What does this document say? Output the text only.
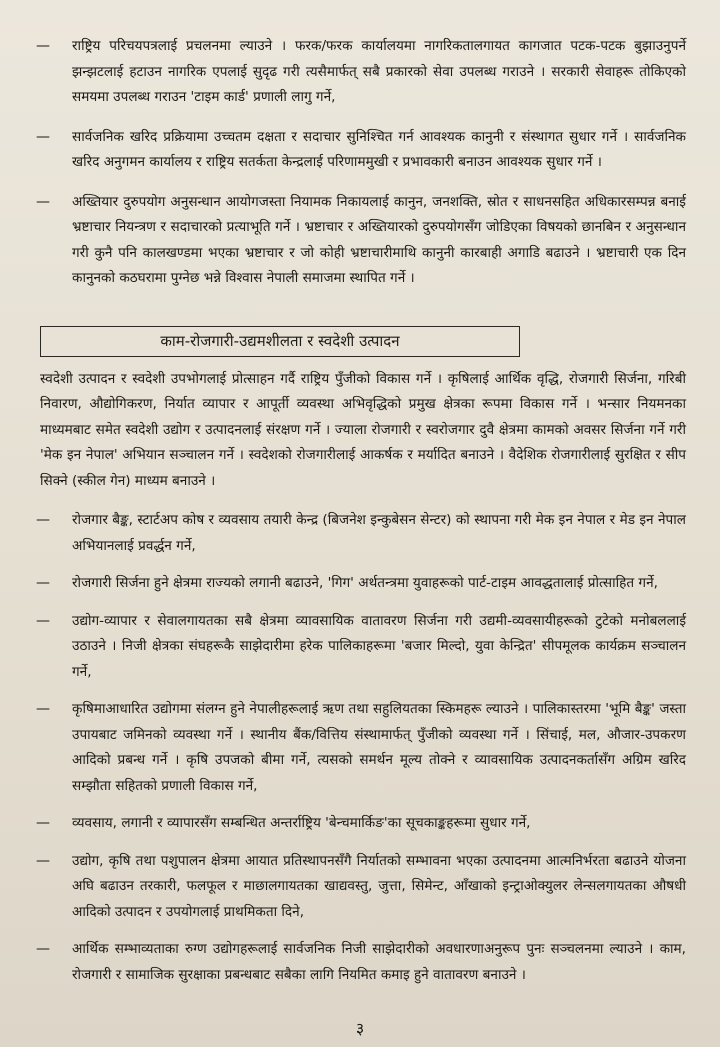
—	राष्ट्रिय परिचयपत्रलाई प्रचलनमा ल्याउने । फरक/फरक कार्यालयमा नागरिकतालगायत कागजात पटक-पटक बुझाउनुपर्ने झन्झटलाई हटाउन नागरिक एपलाई सुदृढ गरी त्यसैमार्फत् सबै प्रकारको सेवा उपलब्ध गराउने । सरकारी सेवाहरू तोकिएको समयमा उपलब्ध गराउन 'टाइम कार्ड' प्रणाली लागु गर्ने,
—	सार्वजनिक खरिद प्रक्रियामा उच्चतम दक्षता र सदाचार सुनिश्चित गर्न आवश्यक कानुनी र संस्थागत सुधार गर्ने । सार्वजनिक खरिद अनुगमन कार्यालय र राष्ट्रिय सतर्कता केन्द्रलाई परिणाममुखी र प्रभावकारी बनाउन आवश्यक सुधार गर्ने ।
—	अख्तियार दुरुपयोग अनुसन्धान आयोगजस्ता नियामक निकायलाई कानुन, जनशक्ति, स्रोत र साधनसहित अधिकारसम्पन्न बनाई भ्रष्टाचार नियन्त्रण र सदाचारको प्रत्याभूति गर्ने । भ्रष्टाचार र अख्तियारको दुरुपयोगसँग जोडिएका विषयको छानबिन र अनुसन्धान गरी कुनै पनि कालखण्डमा भएका भ्रष्टाचार र जो कोही भ्रष्टाचारीमाथि कानुनी कारबाही अगाडि बढाउने । भ्रष्टाचारी एक दिन कानुनको कठघरामा पुग्नेछ भन्ने विश्वास नेपाली समाजमा स्थापित गर्ने ।
काम-रोजगारी-उद्यमशीलता र स्वदेशी उत्पादन
स्वदेशी उत्पादन र स्वदेशी उपभोगलाई प्रोत्साहन गर्दै राष्ट्रिय पुँजीको विकास गर्ने । कृषिलाई आर्थिक वृद्धि, रोजगारी सिर्जना, गरिबी निवारण, औद्योगिकरण, निर्यात व्यापार र आपूर्ती व्यवस्था अभिवृद्धिको प्रमुख क्षेत्रका रूपमा विकास गर्ने । भन्सार नियमनका माध्यमबाट समेत स्वदेशी उद्योग र उत्पादनलाई संरक्षण गर्ने । ज्याला रोजगारी र स्वरोजगार दुवै क्षेत्रमा कामको अवसर सिर्जना गर्ने गरी 'मेक इन नेपाल' अभियान सञ्चालन गर्ने । स्वदेशको रोजगारीलाई आकर्षक र मर्यादित बनाउने । वैदेशिक रोजगारीलाई सुरक्षित र सीप सिक्ने (स्कील गेन) माध्यम बनाउने ।
—	रोजगार बैङ्क, स्टार्टअप कोष र व्यवसाय तयारी केन्द्र (बिजनेश इन्कुबेसन सेन्टर) को स्थापना गरी मेक इन नेपाल र मेड इन नेपाल अभियानलाई प्रवर्द्धन गर्ने,
—	रोजगारी सिर्जना हुने क्षेत्रमा राज्यको लगानी बढाउने, 'गिग' अर्थतन्त्रमा युवाहरूको पार्ट-टाइम आवद्धतालाई प्रोत्साहित गर्ने,
—	उद्योग-व्यापार र सेवालगायतका सबै क्षेत्रमा व्यावसायिक वातावरण सिर्जना गरी उद्यमी-व्यवसायीहरूको टुटेको मनोबललाई उठाउने । निजी क्षेत्रका संघहरूकै साझेदारीमा हरेक पालिकाहरूमा 'बजार मिल्दो, युवा केन्द्रित' सीपमूलक कार्यक्रम सञ्चालन गर्ने,
—	कृषिमाआधारित उद्योगमा संलग्न हुने नेपालीहरूलाई ऋण तथा सहुलियतका स्किमहरू ल्याउने । पालिकास्तरमा 'भूमि बैङ्क' जस्ता उपायबाट जमिनको व्यवस्था गर्ने । स्थानीय बैंक/वित्तिय संस्थामार्फत् पुँजीको व्यवस्था गर्ने । सिंचाई, मल, औजार-उपकरण आदिको प्रबन्ध गर्ने । कृषि उपजको बीमा गर्ने, त्यसको समर्थन मूल्य तोक्ने र व्यावसायिक उत्पादनकर्तासँग अग्रिम खरिद सम्झौता सहितको प्रणाली विकास गर्ने,
—	व्यवसाय, लगानी र व्यापारसँग सम्बन्धित अन्तर्राष्ट्रिय 'बेन्चमार्किङ'का सूचकाङ्कहरूमा सुधार गर्ने,
—	उद्योग, कृषि तथा पशुपालन क्षेत्रमा आयात प्रतिस्थापनसँगै निर्यातको सम्भावना भएका उत्पादनमा आत्मनिर्भरता बढाउने योजना अघि बढाउन तरकारी, फलफूल र माछालगायतका खाद्यवस्तु, जुत्ता, सिमेन्ट, आँखाको इन्ट्राओक्युलर लेन्सलगायतका औषधी आदिको उत्पादन र उपयोगलाई प्राथमिकता दिने,
—	आर्थिक सम्भाव्यताका रुग्ण उद्योगहरूलाई सार्वजनिक निजी साझेदारीको अवधारणाअनुरूप पुनः सञ्चलनमा ल्याउने । काम, रोजगारी र सामाजिक सुरक्षाका प्रबन्धबाट सबैका लागि नियमित कमाइ हुने वातावरण बनाउने ।
३
